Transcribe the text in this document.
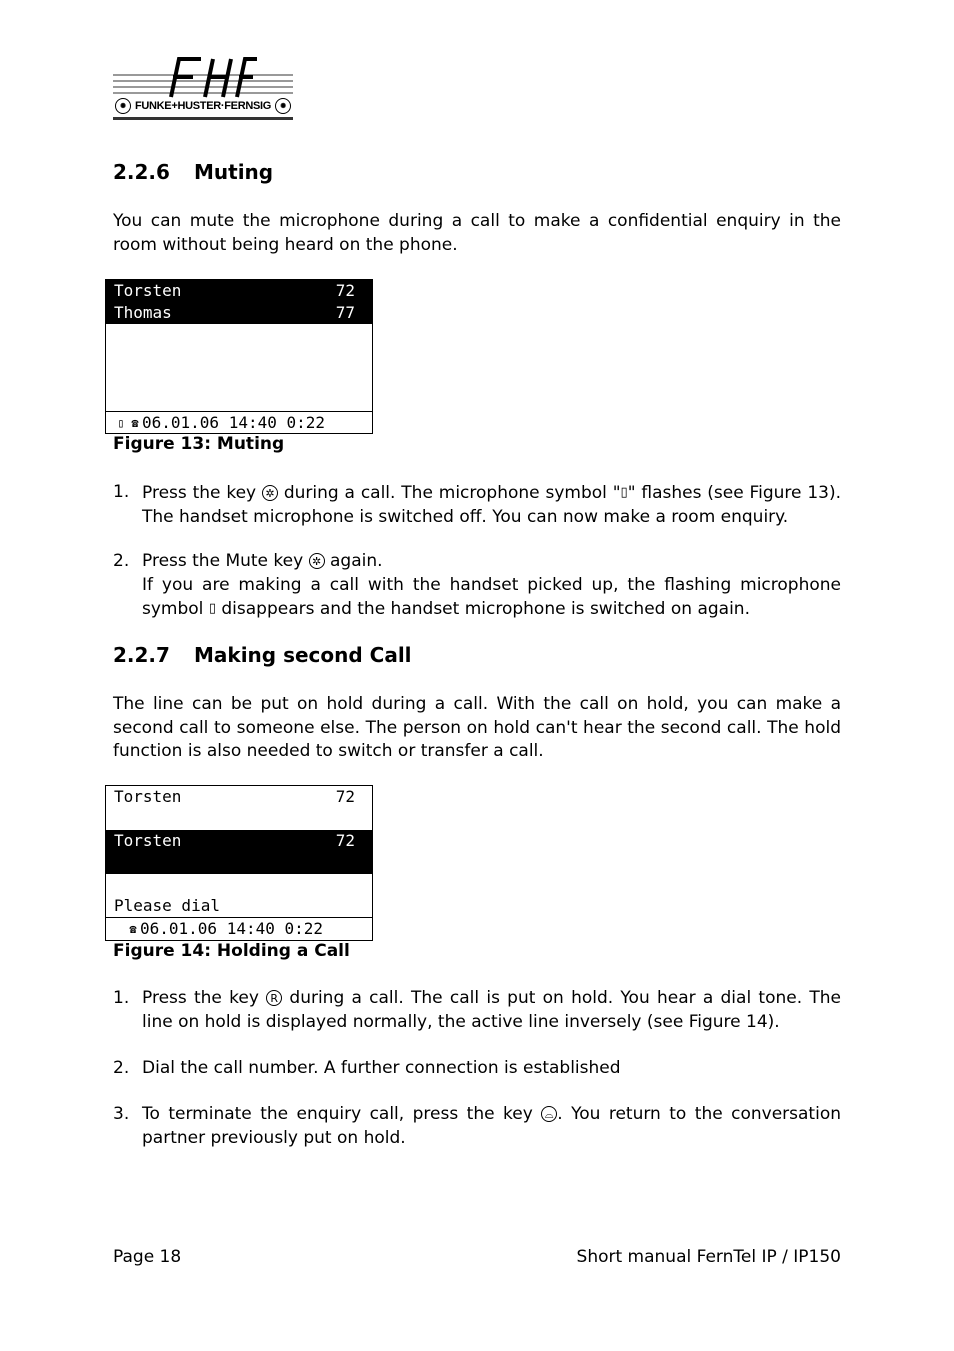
✺ FUNKE+HUSTER·FERNSIG	✺
2.2.6 Muting

You can mute the microphone during a call to make a confidential enquiry in the room without being heard on the phone.

Torsten	72
Thomas	77
▯ ☎ 06.01.06 14:40 0:22
Figure 13: Muting
1. Press the key ✲ during a call. The microphone symbol "▯" flashes (see Figure 13). The handset microphone is switched off. You can now make a room enquiry.
2. Press the Mute key ✲ again.
If you are making a call with the handset picked up, the flashing microphone symbol ▯ disappears and the handset microphone is switched on again.
2.2.7 Making second Call

The line can be put on hold during a call. With the call on hold, you can make a second call to someone else. The person on hold can't hear the second call. The hold function is also needed to switch or transfer a call.

Torsten	72
Torsten	72
Please dial
☎ 06.01.06 14:40 0:22
Figure 14: Holding a Call
1. Press the key R during a call. The call is put on hold. You hear a dial tone. The line on hold is displayed normally, the active line inversely (see Figure 14).
2. Dial the call number. A further connection is established
3. To terminate the enquiry call, press the key ⌓ . You return to the conversation partner previously put on hold.
Page 18	Short manual FernTel IP / IP150
